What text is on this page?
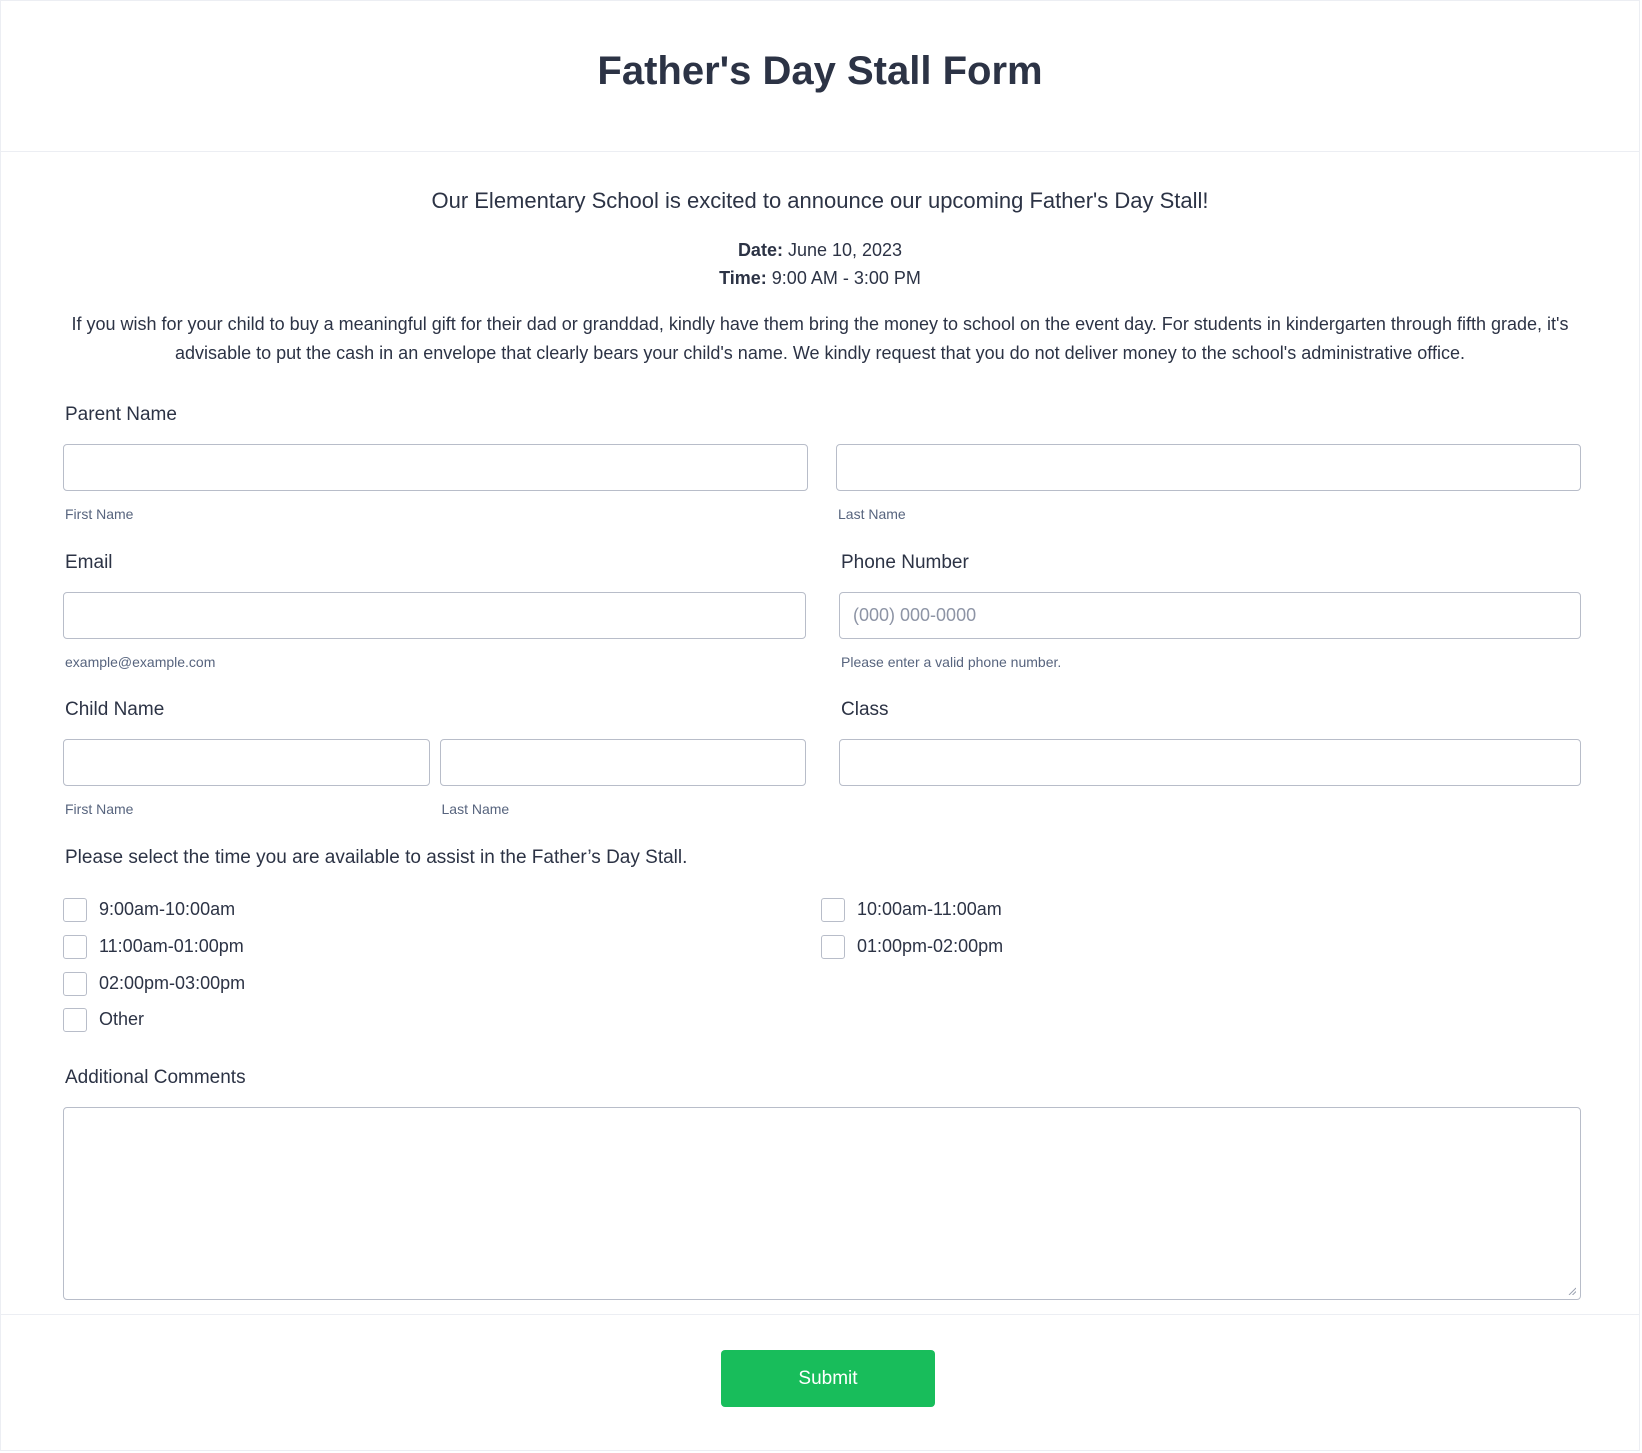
Father's Day Stall Form

Our Elementary School is excited to announce our upcoming Father's Day Stall!

Date: June 10, 2023

Time: 9:00 AM - 3:00 PM

If you wish for your child to buy a meaningful gift for their dad or granddad, kindly have them bring the money to school on the event day. For students in kindergarten through fifth grade, it's advisable to put the cash in an envelope that clearly bears your child's name. We kindly request that you do not deliver money to the school's administrative office.

Parent Name
First Name	Last Name
Email
example@example.com
Phone Number
(000) 000-0000
Please enter a valid phone number.
Child Name
First Name	Last Name
Class
Please select the time you are available to assist in the Father’s Day Stall.
9:00am-10:00am	10:00am-11:00am
11:00am-01:00pm	01:00pm-02:00pm
02:00pm-03:00pm
Other
Additional Comments
Submit
